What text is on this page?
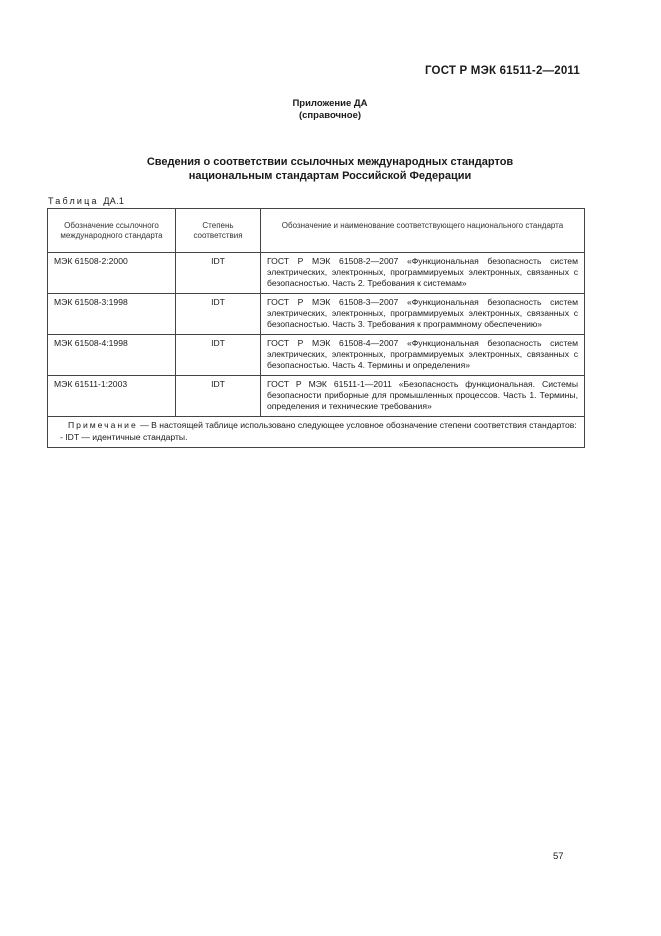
ГОСТ Р МЭК 61511-2—2011
Приложение ДА
(справочное)
Сведения о соответствии ссылочных международных стандартов
национальным стандартам Российской Федерации
Таблица ДА.1
Обозначение ссылочного международного стандарта	Степень соответствия	Обозначение и наименование соответствующего национального стандарта
МЭК 61508-2:2000	IDT	ГОСТ Р МЭК 61508-2—2007 «Функциональная безопасность систем электрических, электронных, программируемых электронных, связанных с безопасностью. Часть 2. Требования к системам»
МЭК 61508-3:1998	IDT	ГОСТ Р МЭК 61508-3—2007 «Функциональная безопасность систем электрических, электронных, программируемых электронных, связанных с безопасностью. Часть 3. Требования к программному обеспечению»
МЭК 61508-4:1998	IDT	ГОСТ Р МЭК 61508-4—2007 «Функциональная безопасность систем электрических, электронных, программируемых электронных, связанных с безопасностью. Часть 4. Термины и определения»
МЭК 61511-1:2003	IDT	ГОСТ Р МЭК 61511-1—2011 «Безопасность функциональная. Системы безопасности приборные для промышленных процессов. Часть 1. Термины, определения и технические требования»

Примечание — В настоящей таблице использовано следующее условное обозначение степени соответствия стандартов:
- IDT — идентичные стандарты.		
57
